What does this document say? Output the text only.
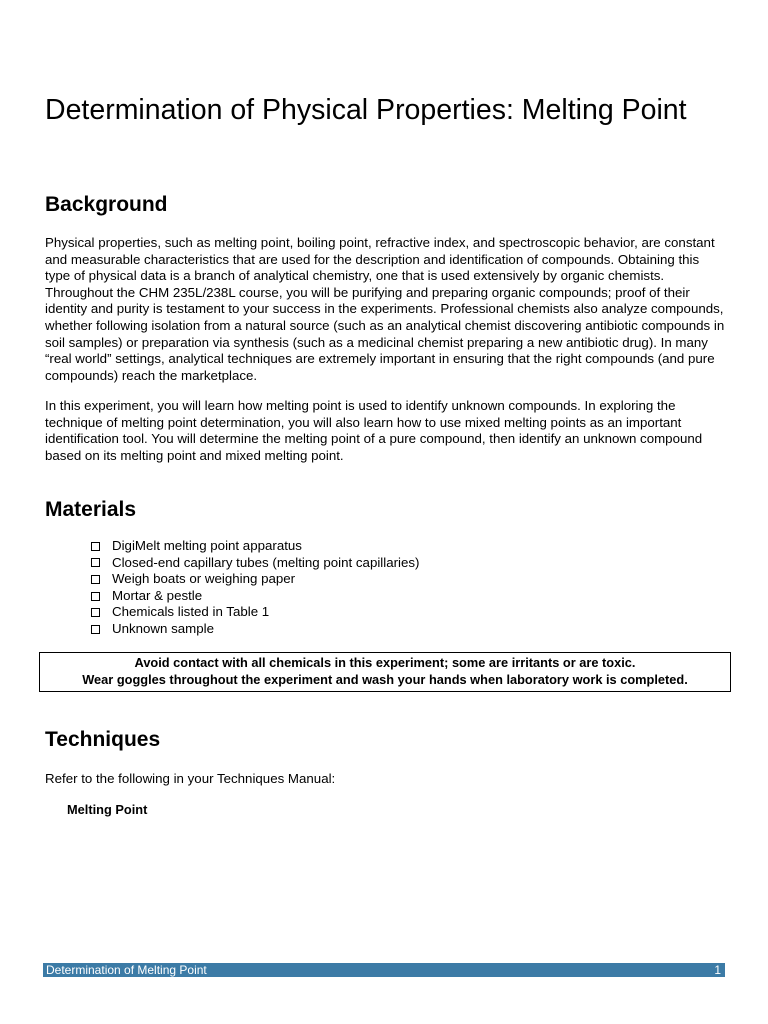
Determination of Physical Properties: Melting Point
Background

Physical properties, such as melting point, boiling point, refractive index, and spectroscopic behavior, are constant and measurable characteristics that are used for the description and identification of compounds. Obtaining this type of physical data is a branch of analytical chemistry, one that is used extensively by organic chemists. Throughout the CHM 235L/238L course, you will be purifying and preparing organic compounds; proof of their identity and purity is testament to your success in the experiments. Professional chemists also analyze compounds, whether following isolation from a natural source (such as an analytical chemist discovering antibiotic compounds in soil samples) or preparation via synthesis (such as a medicinal chemist preparing a new antibiotic drug). In many “real world” settings, analytical techniques are extremely important in ensuring that the right compounds (and pure compounds) reach the marketplace.

In this experiment, you will learn how melting point is used to identify unknown compounds. In exploring the technique of melting point determination, you will also learn how to use mixed melting points as an important identification tool. You will determine the melting point of a pure compound, then identify an unknown compound based on its melting point and mixed melting point.

Materials
DigiMelt melting point apparatus
Closed-end capillary tubes (melting point capillaries)
Weigh boats or weighing paper
Mortar & pestle
Chemicals listed in Table 1
Unknown sample
Avoid contact with all chemicals in this experiment; some are irritants or are toxic.
Wear goggles throughout the experiment and wash your hands when laboratory work is completed.
Techniques

Refer to the following in your Techniques Manual:

Melting Point

Determination of Melting Point	1
